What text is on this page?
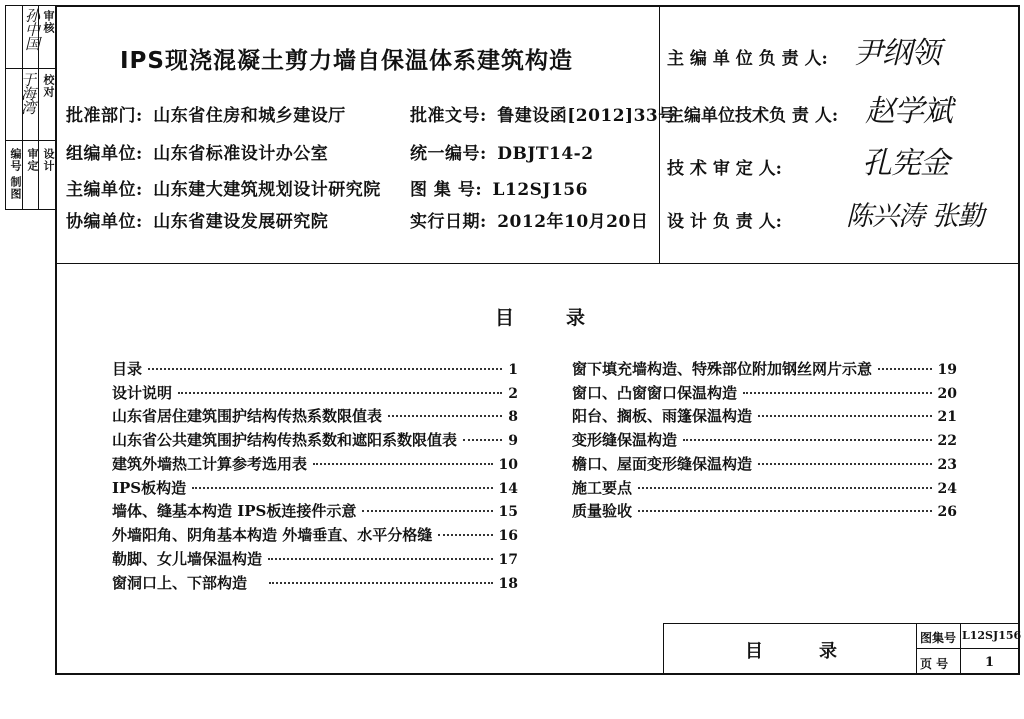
孙中国
于海湾
审核
校对
设计
编号 审定
制图
IPS现浇混凝土剪力墙自保温体系建筑构造
批准部门: 山东省住房和城乡建设厅
组编单位: 山东省标准设计办公室
主编单位: 山东建大建筑规划设计研究院
协编单位: 山东省建设发展研究院
批准文号: 鲁建设函[2012]33号
统一编号: DBJT14-2
图 集 号: L12SJ156
实行日期: 2012年10月20日
主 编 单 位 负 责 人: 尹纲领
主编单位技术负 责 人: 赵学斌
技 术 审 定 人:	孔宪金
设 计 负 责 人: 陈兴涛 张勤
目录
目录	1
设计说明	2
山东省居住建筑围护结构传热系数限值表	8
山东省公共建筑围护结构传热系数和遮阳系数限值表	9
建筑外墙热工计算参考选用表	10
IPS板构造	14
墙体、缝基本构造 IPS板连接件示意	15
外墙阳角、阴角基本构造 外墙垂直、水平分格缝	16
勒脚、女儿墙保温构造	17
窗洞口上、下部构造	18
窗下填充墙构造、特殊部位附加钢丝网片示意	19
窗口、凸窗窗口保温构造	20
阳台、搁板、雨篷保温构造	21
变形缝保温构造	22
檐口、屋面变形缝保温构造	23
施工要点	24
质量验收	26
目录
图集号 L12SJ156
页 号	1
